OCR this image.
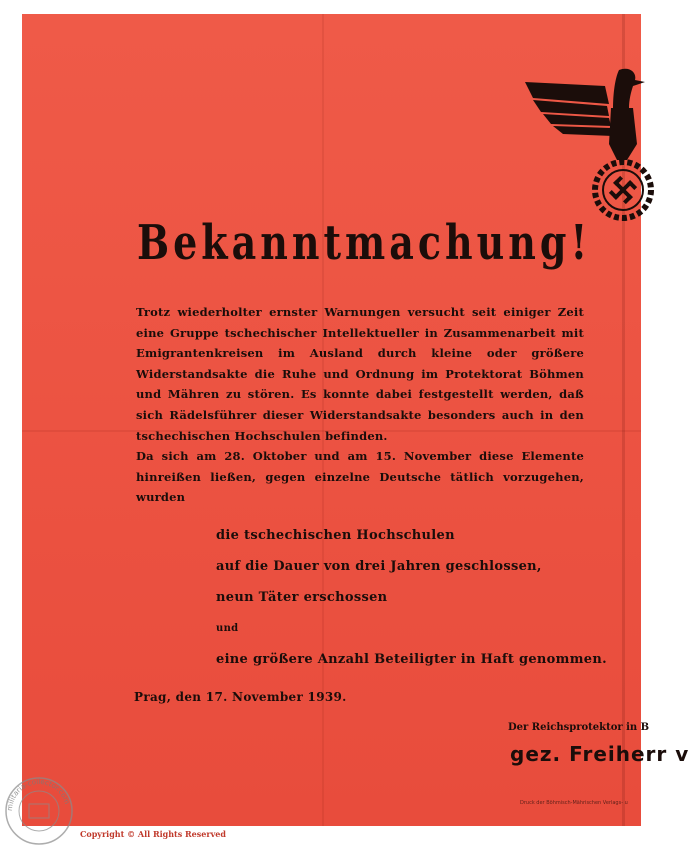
Bekanntmachung!

Trotz wiederholter ernster Warnungen versucht seit einiger Zeit eine Gruppe tschechischer Intellektueller in Zusammenarbeit mit Emigrantenkreisen im Ausland durch kleine oder größere Widerstandsakte die Ruhe und Ordnung im Protektorat Böhmen und Mähren zu stören. Es konnte dabei festgestellt werden, daß sich Rädelsführer dieser Widerstandsakte besonders auch in den tschechischen Hochschulen befinden.

Da sich am 28. Oktober und am 15. November diese Elemente hinreißen ließen, gegen einzelne Deutsche tätlich vorzugehen, wurden

die tschechischen Hochschulen
auf die Dauer von drei Jahren geschlossen,
neun Täter erschossen
und
eine größere Anzahl Beteiligter in Haft genommen.
Prag, den 17. November 1939.
Der Reichsprotektor in B
gez. Freiherr v
Druck der Böhmisch-Mährischen Verlags- u
militaria-collector.com
Copyright © All Rights Reserved
